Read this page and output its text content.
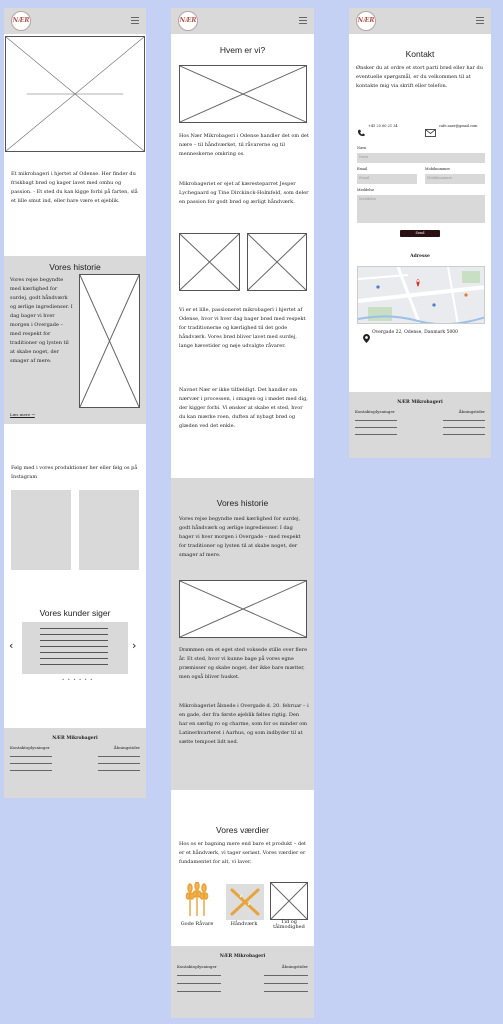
NÆR
Et mikrobageri i hjertet af Odense. Her finder du friskbagt brød og kager lavet med omhu og passion. - Et sted du kan kigge forbi på farten, slå et lille smut ind, eller bare være et øjeblik.
Vores historie
Vores rejse begyndte med kærlighed for surdej, godt håndværk og ærlige ingredienser. I dag bager vi hver morgen i Overgade – med respekt for traditioner og lysten til at skabe noget, der smager af mere.
Læs mere →
Følg med i vores produktioner her eller følg os på Instagram
Vores kunder siger
‹	›
• • • • • •
NÆR Mikrobageri
Kontaktoplysninger	Åbningstider
NÆR
Hvem er vi?
Hos Nær Mikrobageri i Odense handler det om det nære – til håndværket, til råvarerne og til menneskerne omkring os.
Mikrobageriet er ejet af kæresteparret Jesper Lychegaard og Tine Dirckinck-Holmfeld, som deler en passion for godt brød og ærligt håndværk.
Vi er et lille, passioneret mikrobageri i hjertet af Odense, hvor vi hver dag bager brød med respekt for traditionerne og kærlighed til det gode håndværk. Vores brød bliver lavet med surdej, lange hævetider og nøje udvalgte råvarer.
Navnet Nær er ikke tilfældigt. Det handler om nærvær i processen, i smagen og i mødet med dig, der kigger forbi. Vi ønsker at skabe et sted, hvor du kan mærke roen, duften af nybagt brød og glæden ved det enkle.
Vores historie
Vores rejse begyndte med kærlighed for surdej, godt håndværk og ærlige ingredienser. I dag bager vi hver morgen i Overgade – med respekt for traditioner og lysten til at skabe noget, der smager af mere.
Drømmen om et eget sted voksede stille over flere år. Et sted, hvor vi kunne bage på vores egne præmisser og skabe noget, der ikke bare mætter, men også bliver husket.
Mikrobageriet åbnede i Overgade d. 20. februar – i en gade, der fra første øjeblik føltes rigtig. Den har en særlig ro og charme, som for os minder om Latinerkvarteret i Aarhus, og som indbyder til at sætte tempoet lidt ned.
Vores værdier
Hos os er bagning mere end bare et produkt – det er et håndværk, vi tager seriøst. Vores værdier er fundamentet for alt, vi laver.
Gode Råvare	Håndværk	Tid og tålmodighed
NÆR Mikrobageri
Kontaktoplysninger	Åbningstider
NÆR
Kontakt
Ønsker du at ordre et stort parti brød eller har du eventuelle spørgsmål, er du velkommen til at kontakte mig via skrift eller telefon.
+45 25 60 21 34	cafe.naer@gmail.com
Navn
Navn
Email
Email
Mobilnummer
Mobilnummer
Meddelse
Meddelse
Send
Adresse
Overgade 22, Odense, Danmark 5000
NÆR Mikrobageri
Kontaktoplysninger	Åbningstider
